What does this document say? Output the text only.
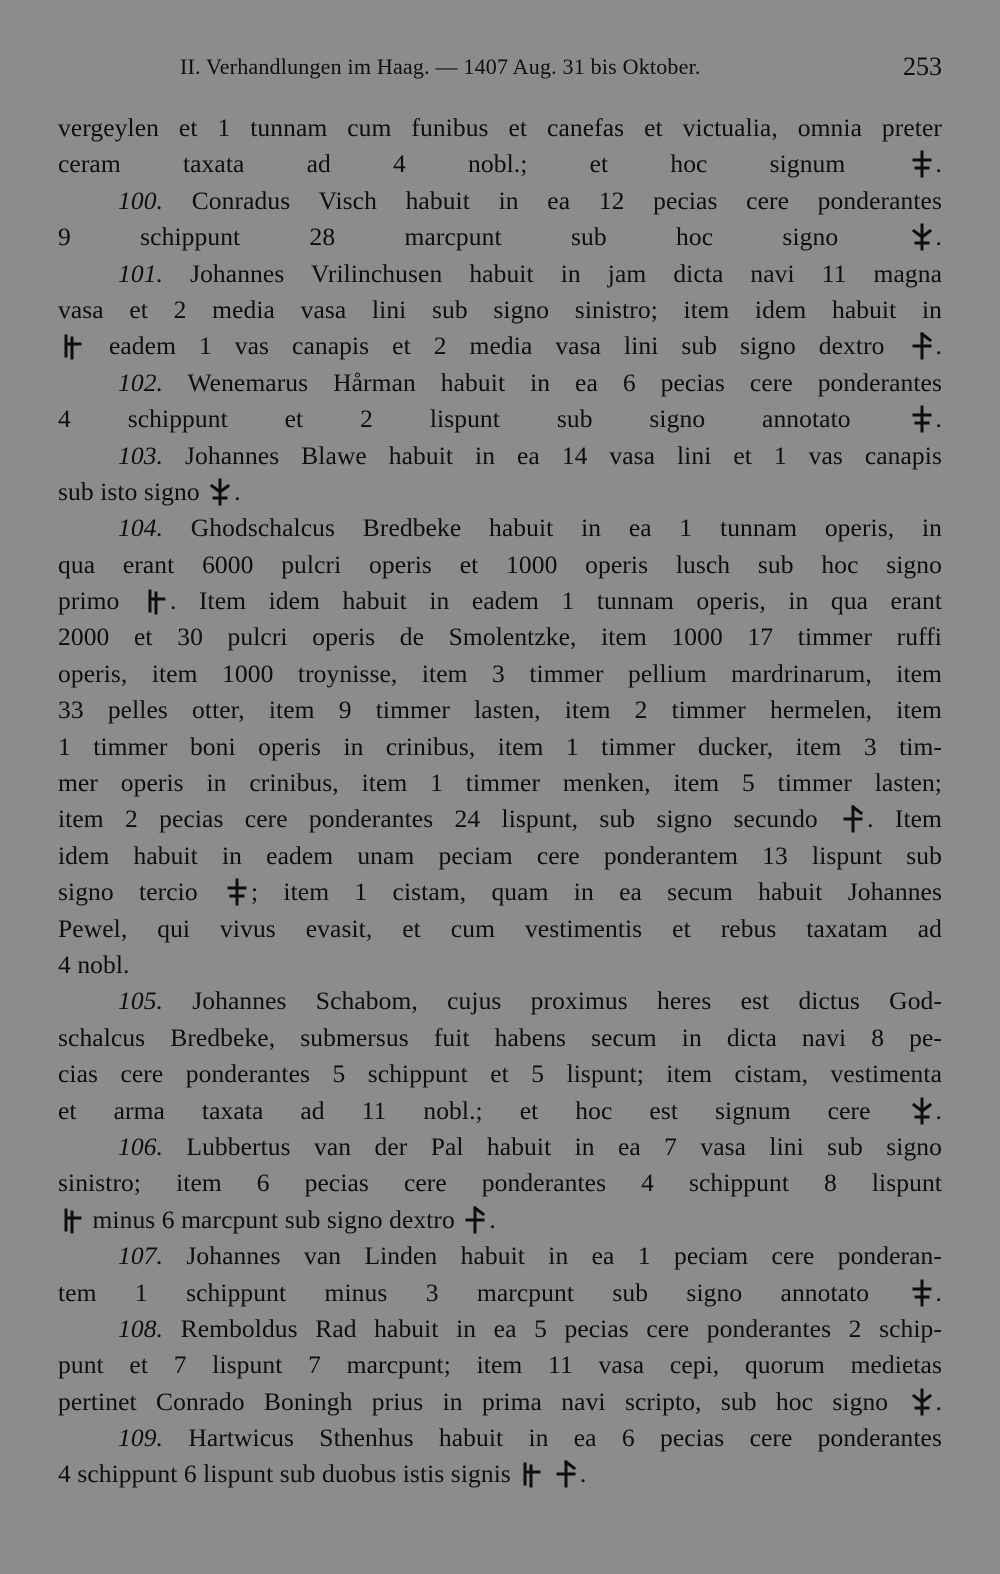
II. Verhandlungen im Haag. — 1407 Aug. 31 bis Oktober.	253
vergeylen et 1 tunnam cum funibus et canefas et victualia, omnia preter
ceram taxata ad 4 nobl.; et hoc signum	.
100. Conradus Visch habuit in ea 12 pecias cere ponderantes
9 schippunt 28 marcpunt sub hoc signo	.
101. Johannes Vrilinchusen habuit in jam dicta navi 11 magna
vasa et 2 media vasa lini sub signo sinistro; item idem habuit in
eadem 1 vas canapis et 2 media vasa lini sub signo dextro .
102. Wenemarus Hårman habuit in ea 6 pecias cere ponderantes
4 schippunt et 2 lispunt sub signo annotato	.
103. Johannes Blawe habuit in ea 14 vasa lini et 1 vas canapis
sub isto signo .
104. Ghodschalcus Bredbeke habuit in ea 1 tunnam operis, in
qua erant 6000 pulcri operis et 1000 operis lusch sub hoc signo
primo . Item idem habuit in eadem 1 tunnam operis, in qua erant
2000 et 30 pulcri operis de Smolentzke, item 1000 17 timmer ruffi
operis, item 1000 troynisse, item 3 timmer pellium mardrinarum, item
33 pelles otter, item 9 timmer lasten, item 2 timmer hermelen, item
1 timmer boni operis in crinibus, item 1 timmer ducker, item 3 tim-
mer operis in crinibus, item 1 timmer menken, item 5 timmer lasten;
item 2 pecias cere ponderantes 24 lispunt, sub signo secundo . Item
idem habuit in eadem unam peciam cere ponderantem 13 lispunt sub
signo tercio ; item 1 cistam, quam in ea secum habuit Johannes
Pewel, qui vivus evasit, et cum vestimentis et rebus taxatam ad
4 nobl.
105. Johannes Schabom, cujus proximus heres est dictus God-
schalcus Bredbeke, submersus fuit habens secum in dicta navi 8 pe-
cias cere ponderantes 5 schippunt et 5 lispunt; item cistam, vestimenta
et arma taxata ad 11 nobl.; et hoc est signum cere	.
106. Lubbertus van der Pal habuit in ea 7 vasa lini sub signo
sinistro; item 6 pecias cere ponderantes 4 schippunt 8 lispunt
minus 6 marcpunt sub signo dextro .
107. Johannes van Linden habuit in ea 1 peciam cere ponderan-
tem 1 schippunt minus 3 marcpunt sub signo annotato	.
108. Remboldus Rad habuit in ea 5 pecias cere ponderantes 2 schip-
punt et 7 lispunt 7 marcpunt; item 11 vasa cepi, quorum medietas
pertinet Conrado Boningh prius in prima navi scripto, sub hoc signo .
109. Hartwicus Sthenhus habuit in ea 6 pecias cere ponderantes
4 schippunt 6 lispunt sub duobus istis signis
	.
